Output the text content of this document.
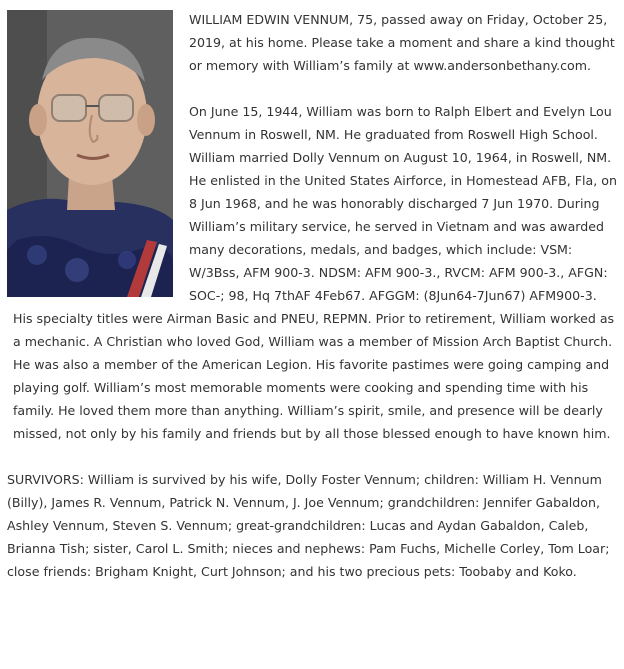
WILLIAM EDWIN VENNUM, 75, passed away on Friday, October 25, 2019, at his home. Please take a moment and share a kind thought or memory with William’s family at www.andersonbethany.com.

On June 15, 1944, William was born to Ralph Elbert and Evelyn Lou Vennum in Roswell, NM. He graduated from Roswell High School. William married Dolly Vennum on August 10, 1964, in Roswell, NM. He enlisted in the United States Airforce, in Homestead AFB, Fla, on 8 Jun 1968, and he was honorably discharged 7 Jun 1970. During William’s military service, he served in Vietnam and was awarded many decorations, medals, and badges, which include: VSM: W/3Bss, AFM 900-3. NDSM: AFM 900-3., RVCM: AFM 900-3., AFGN: SOC-; 98, Hq 7thAF 4Feb67. AFGGM: (8Jun64-7Jun67) AFM900-3. His specialty titles were Airman Basic and PNEU, REPMN. Prior to retirement, William worked as a mechanic. A Christian who loved God, William was a member of Mission Arch Baptist Church. He was also a member of the American Legion. His favorite pastimes were going camping and playing golf. William’s most memorable moments were cooking and spending time with his family. He loved them more than anything. William’s spirit, smile, and presence will be dearly missed, not only by his family and friends but by all those blessed enough to have known him.

SURVIVORS: William is survived by his wife, Dolly Foster Vennum; children: William H. Vennum (Billy), James R. Vennum, Patrick N. Vennum, J. Joe Vennum; grandchildren: Jennifer Gabaldon, Ashley Vennum, Steven S. Vennum; great-grandchildren: Lucas and Aydan Gabaldon, Caleb, Brianna Tish; sister, Carol L. Smith; nieces and nephews: Pam Fuchs, Michelle Corley, Tom Loar; close friends: Brigham Knight, Curt Johnson; and his two precious pets: Toobaby and Koko.
